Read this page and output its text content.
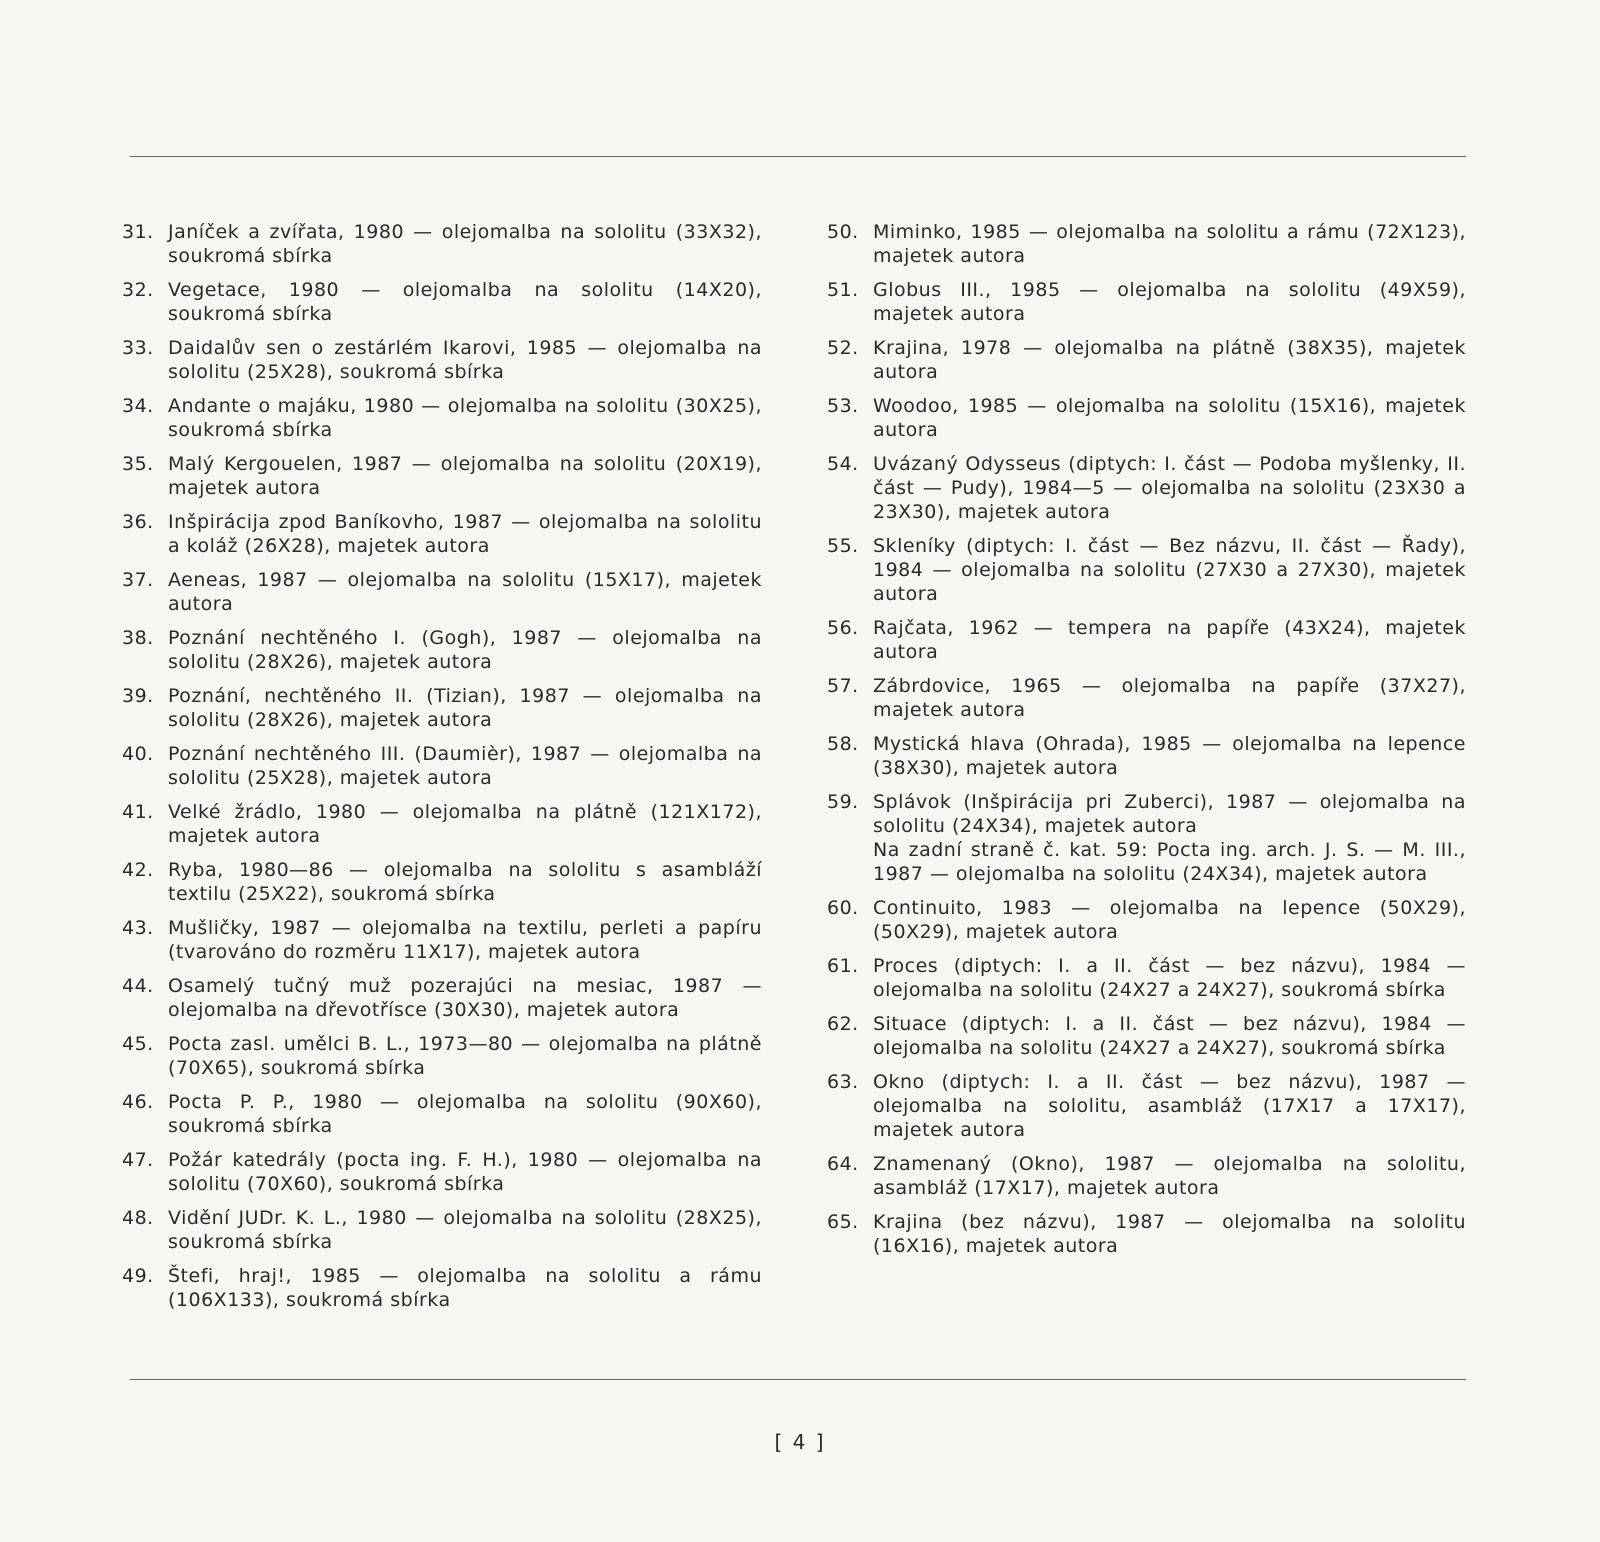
31. Janíček a zvířata, 1980 — olejomalba na sololitu (33X32), soukromá sbírka
32. Vegetace, 1980 — olejomalba na sololitu (14X20), soukromá sbírka
33. Daidalův sen o zestárlém Ikarovi, 1985 — olejomalba na sololitu (25X28), soukromá sbírka
34. Andante o majáku, 1980 — olejomalba na sololitu (30X25), soukromá sbírka
35. Malý Kergouelen, 1987 — olejomalba na sololitu (20X19), majetek autora
36. Inšpirácija zpod Baníkovho, 1987 — olejomalba na sololitu a koláž (26X28), majetek autora
37. Aeneas, 1987 — olejomalba na sololitu (15X17), majetek autora
38. Poznání nechtěného I. (Gogh), 1987 — olejomalba na sololitu (28X26), majetek autora
39. Poznání, nechtěného II. (Tizian), 1987 — olejomalba na sololitu (28X26), majetek autora
40. Poznání nechtěného III. (Daumièr), 1987 — olejomalba na sololitu (25X28), majetek autora
41. Velké žrádlo, 1980 — olejomalba na plátně (121X172), majetek autora
42. Ryba, 1980—86 — olejomalba na sololitu s asambláží textilu (25X22), soukromá sbírka
43. Mušličky, 1987 — olejomalba na textilu, perleti a papíru (tvarováno do rozměru 11X17), majetek autora
44. Osamelý tučný muž pozerajúci na mesiac, 1987 — olejomalba na dřevotřísce (30X30), majetek autora
45. Pocta zasl. umělci B. L., 1973—80 — olejomalba na plátně (70X65), soukromá sbírka
46. Pocta P. P., 1980 — olejomalba na sololitu (90X60), soukromá sbírka
47. Požár katedrály (pocta ing. F. H.), 1980 — olejomalba na sololitu (70X60), soukromá sbírka
48. Vidění JUDr. K. L., 1980 — olejomalba na sololitu (28X25), soukromá sbírka
49. Štefi, hraj!, 1985 — olejomalba na sololitu a rámu (106X133), soukromá sbírka
50. Miminko, 1985 — olejomalba na sololitu a rámu (72X123), majetek autora
51. Globus III., 1985 — olejomalba na sololitu (49X59), majetek autora
52. Krajina, 1978 — olejomalba na plátně (38X35), majetek autora
53. Woodoo, 1985 — olejomalba na sololitu (15X16), majetek autora
54. Uvázaný Odysseus (diptych: I. část — Podoba myšlenky, II. část — Pudy), 1984—5 — olejomalba na sololitu (23X30 a 23X30), majetek autora
55. Skleníky (diptych: I. část — Bez názvu, II. část — Řady), 1984 — olejomalba na sololitu (27X30 a 27X30), majetek autora
56. Rajčata, 1962 — tempera na papíře (43X24), majetek autora
57. Zábrdovice, 1965 — olejomalba na papíře (37X27), majetek autora
58. Mystická hlava (Ohrada), 1985 — olejomalba na lepence (38X30), majetek autora
59. Splávok (Inšpirácija pri Zuberci), 1987 — olejomalba na sololitu (24X34), majetek autora
Na zadní straně č. kat. 59: Pocta ing. arch. J. S. — M. III., 1987 — olejomalba na sololitu (24X34), majetek autora
60. Continuito, 1983 — olejomalba na lepence (50X29), (50X29), majetek autora
61. Proces (diptych: I. a II. část — bez názvu), 1984 — olejomalba na sololitu (24X27 a 24X27), soukromá sbírka
62. Situace (diptych: I. a II. část — bez názvu), 1984 — olejomalba na sololitu (24X27 a 24X27), soukromá sbírka
63. Okno (diptych: I. a II. část — bez názvu), 1987 — olejomalba na sololitu, asambláž (17X17 a 17X17), majetek autora
64. Znamenaný (Okno), 1987 — olejomalba na sololitu, asambláž (17X17), majetek autora
65. Krajina (bez názvu), 1987 — olejomalba na sololitu (16X16), majetek autora
[ 4 ]
